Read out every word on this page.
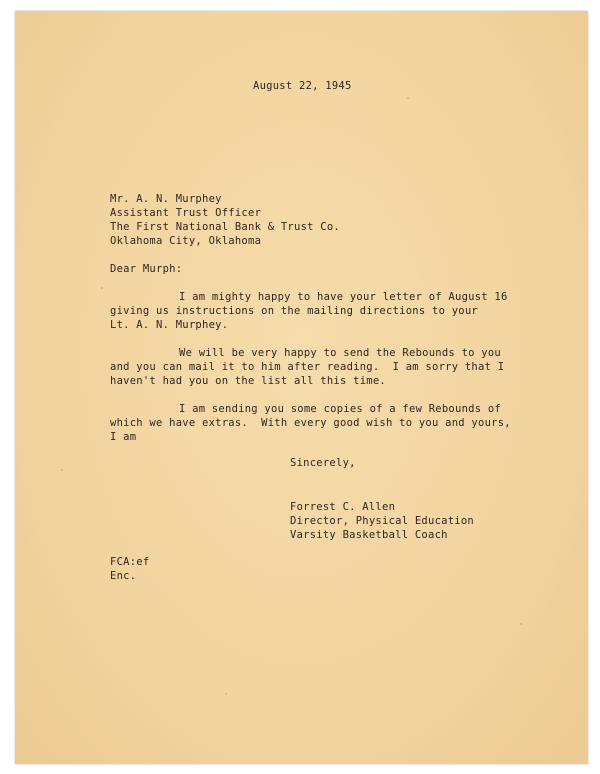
August 22, 1945
Mr. A. N. Murphey
Assistant Trust Officer
The First National Bank & Trust Co.
Oklahoma City, Oklahoma
Dear Murph:
I am mighty happy to have your letter of August 16
giving us instructions on the mailing directions to your
Lt. A. N. Murphey.
We will be very happy to send the Rebounds to you
and you can mail it to him after reading.  I am sorry that I
haven't had you on the list all this time.
I am sending you some copies of a few Rebounds of
which we have extras.  With every good wish to you and yours,
I am
Sincerely,
Forrest C. Allen
Director, Physical Education
Varsity Basketball Coach
FCA:ef
Enc.
